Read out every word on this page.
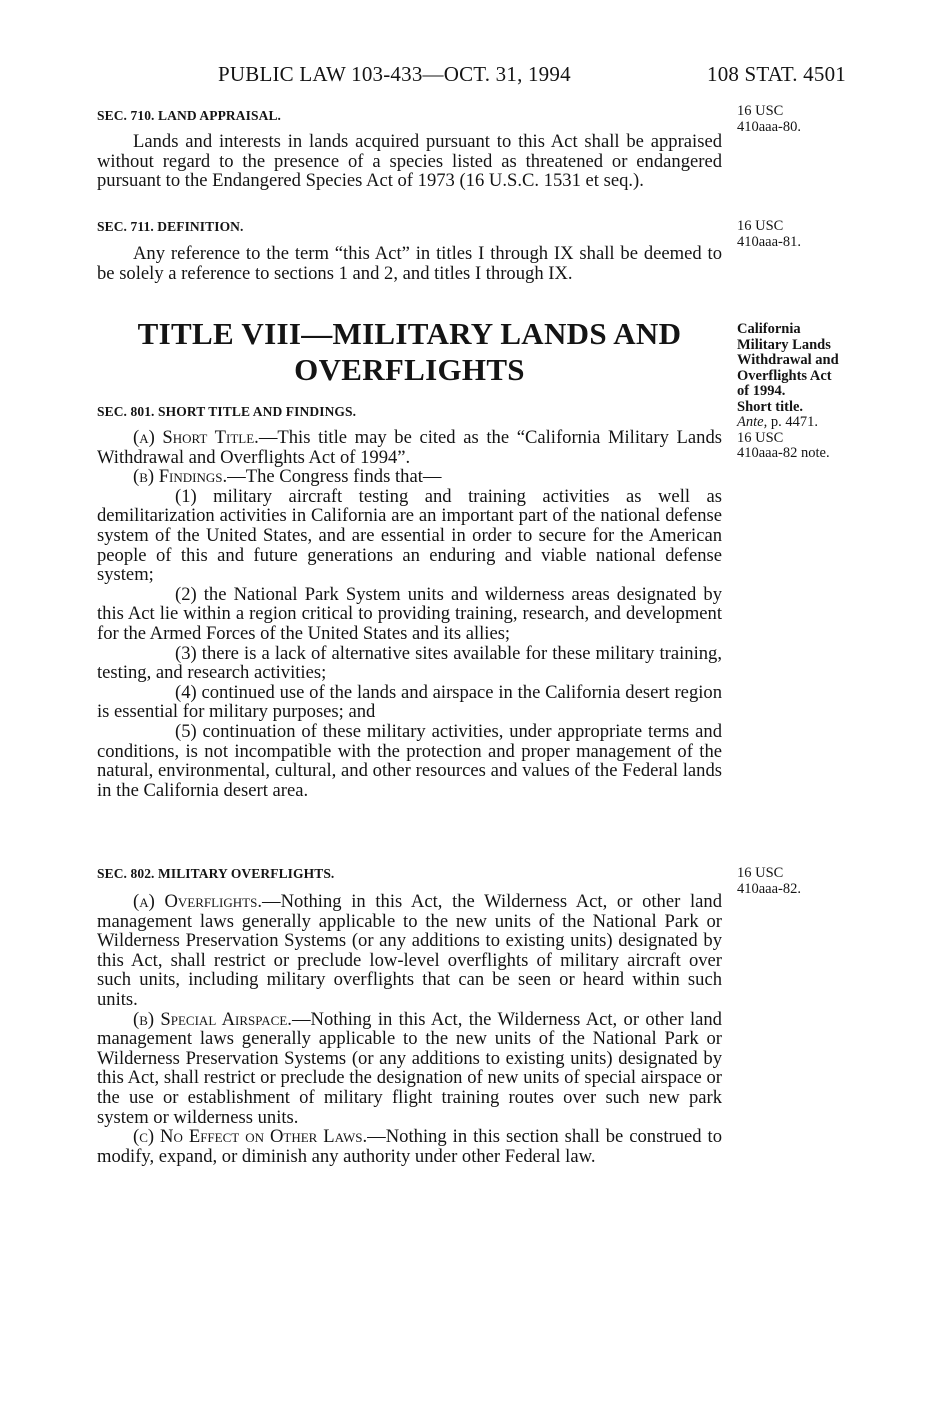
PUBLIC LAW 103-433—OCT. 31, 1994	108 STAT. 4501
SEC. 710. LAND APPRAISAL.

Lands and interests in lands acquired pursuant to this Act shall be appraised without regard to the presence of a species listed as threatened or endangered pursuant to the Endangered Species Act of 1973 (16 U.S.C. 1531 et seq.).

16 USC
410aaa-80.
SEC. 711. DEFINITION.

Any reference to the term “this Act” in titles I through IX shall be deemed to be solely a reference to sections 1 and 2, and titles I through IX.

16 USC
410aaa-81.
TITLE VIII—MILITARY LANDS AND
OVERFLIGHTS
California
Military Lands
Withdrawal and
Overflights Act
of 1994.
Short title.
Ante, p. 4471.
16 USC
410aaa-82 note.
SEC. 801. SHORT TITLE AND FINDINGS.

(a) Short Title.—This title may be cited as the “California Military Lands Withdrawal and Overflights Act of 1994”.

(b) Findings.—The Congress finds that—

(1) military aircraft testing and training activities as well as demilitarization activities in California are an important part of the national defense system of the United States, and are essential in order to secure for the American people of this and future generations an enduring and viable national defense system;

(2) the National Park System units and wilderness areas designated by this Act lie within a region critical to providing training, research, and development for the Armed Forces of the United States and its allies;

(3) there is a lack of alternative sites available for these military training, testing, and research activities;

(4) continued use of the lands and airspace in the California desert region is essential for military purposes; and

(5) continuation of these military activities, under appropriate terms and conditions, is not incompatible with the protection and proper management of the natural, environmental, cultural, and other resources and values of the Federal lands in the California desert area.

SEC. 802. MILITARY OVERFLIGHTS.

(a) Overflights.—Nothing in this Act, the Wilderness Act, or other land management laws generally applicable to the new units of the National Park or Wilderness Preservation Systems (or any additions to existing units) designated by this Act, shall restrict or preclude low-level overflights of military aircraft over such units, including military overflights that can be seen or heard within such units.

(b) Special Airspace.—Nothing in this Act, the Wilderness Act, or other land management laws generally applicable to the new units of the National Park or Wilderness Preservation Systems (or any additions to existing units) designated by this Act, shall restrict or preclude the designation of new units of special airspace or the use or establishment of military flight training routes over such new park system or wilderness units.

(c) No Effect on Other Laws.—Nothing in this section shall be construed to modify, expand, or diminish any authority under other Federal law.

16 USC
410aaa-82.
